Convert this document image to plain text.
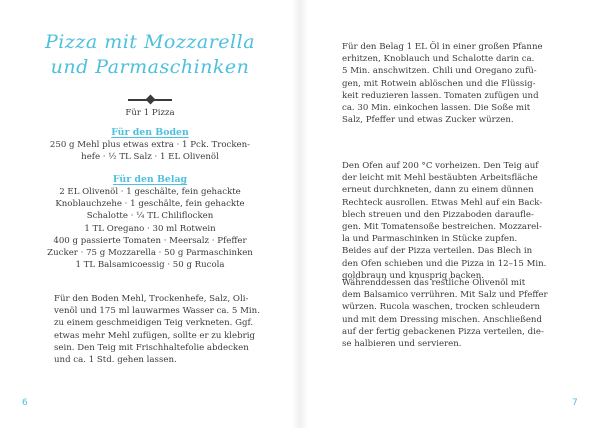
Pizza mit Mozzarella
und Parmaschinken
Für 1 Pizza
Für den Boden
250 g Mehl plus etwas extra · 1 Pck. Trocken-
hefe · ½ TL Salz · 1 EL Olivenöl
Für den Belag
2 EL Olivenöl · 1 geschälte, fein gehackte
Knoblauchzehe · 1 geschälte, fein gehackte
Schalotte · ¼ TL Chiliflocken
1 TL Oregano · 30 ml Rotwein
400 g passierte Tomaten · Meersalz · Pfeffer
Zucker · 75 g Mozzarella · 50 g Parmaschinken
1 TL Balsamicoessig · 50 g Rucola

Für den Boden Mehl, Trockenhefe, Salz, Oli-
venöl und 175 ml lauwarmes Wasser ca. 5 Min.
zu einem geschmeidigen Teig verkneten. Ggf.
etwas mehr Mehl zufügen, sollte er zu klebrig
sein. Den Teig mit Frischhaltefolie abdecken
und ca. 1 Std. gehen lassen.

6

Für den Belag 1 EL Öl in einer großen Pfanne
erhitzen, Knoblauch und Schalotte darin ca.
5 Min. anschwitzen. Chili und Oregano zufü-
gen, mit Rotwein ablöschen und die Flüssig-
keit reduzieren lassen. Tomaten zufügen und
ca. 30 Min. einkochen lassen. Die Soße mit
Salz, Pfeffer und etwas Zucker würzen.

Den Ofen auf 200 °C vorheizen. Den Teig auf
der leicht mit Mehl bestäubten Arbeitsfläche
erneut durchkneten, dann zu einem dünnen
Rechteck ausrollen. Etwas Mehl auf ein Back-
blech streuen und den Pizzaboden daraufle-
gen. Mit Tomatensoße bestreichen. Mozzarel-
la und Parmaschinken in Stücke zupfen.
Beides auf der Pizza verteilen. Das Blech in
den Ofen schieben und die Pizza in 12–15 Min.
goldbraun und knusprig backen.

Währenddessen das restliche Olivenöl mit
dem Balsamico verrühren. Mit Salz und Pfeffer
würzen. Rucola waschen, trocken schleudern
und mit dem Dressing mischen. Anschließend
auf der fertig gebackenen Pizza verteilen, die-
se halbieren und servieren.

7
